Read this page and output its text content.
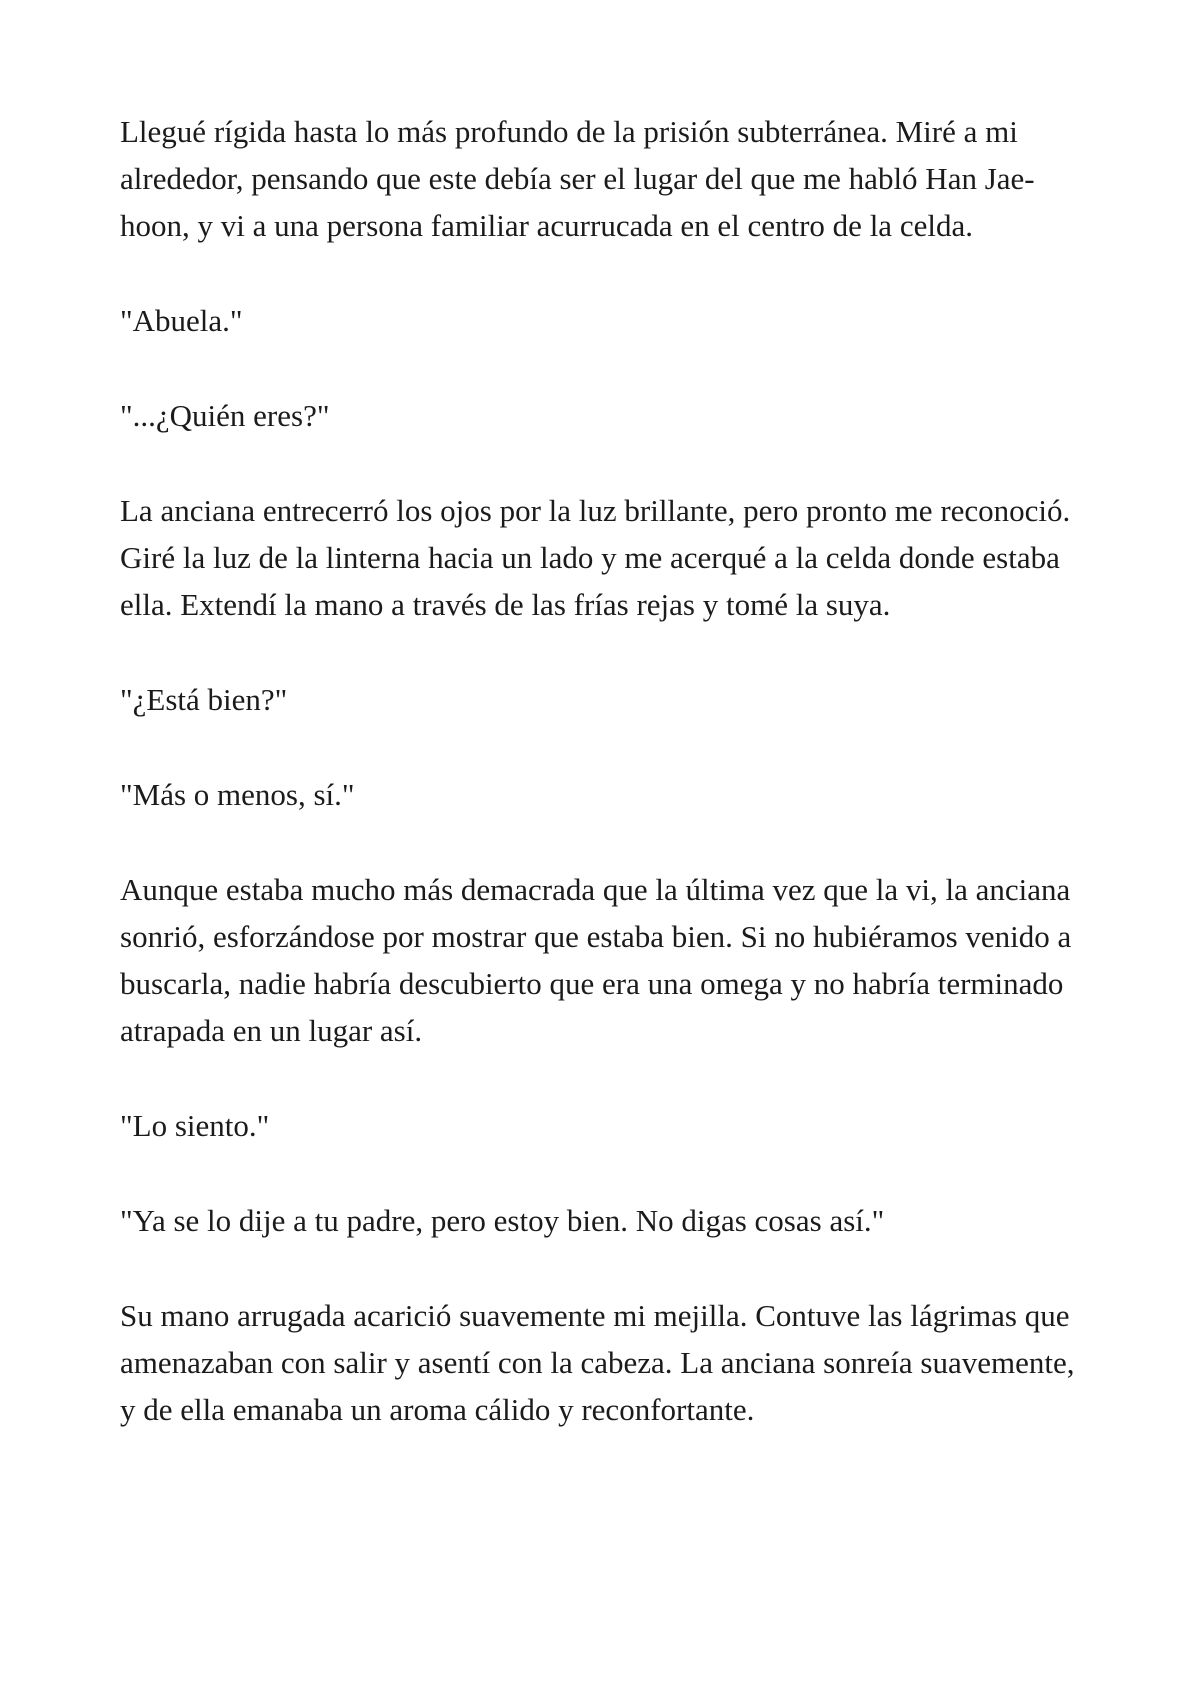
Llegué rígida hasta lo más profundo de la prisión subterránea. Miré a mi alrededor, pensando que este debía ser el lugar del que me habló Han Jae-hoon, y vi a una persona familiar acurrucada en el centro de la celda.

"Abuela."

"...¿Quién eres?"

La anciana entrecerró los ojos por la luz brillante, pero pronto me reconoció. Giré la luz de la linterna hacia un lado y me acerqué a la celda donde estaba ella. Extendí la mano a través de las frías rejas y tomé la suya.

"¿Está bien?"

"Más o menos, sí."

Aunque estaba mucho más demacrada que la última vez que la vi, la anciana sonrió, esforzándose por mostrar que estaba bien. Si no hubiéramos venido a buscarla, nadie habría descubierto que era una omega y no habría terminado atrapada en un lugar así.

"Lo siento."

"Ya se lo dije a tu padre, pero estoy bien. No digas cosas así."

Su mano arrugada acarició suavemente mi mejilla. Contuve las lágrimas que amenazaban con salir y asentí con la cabeza. La anciana sonreía suavemente, y de ella emanaba un aroma cálido y reconfortante.
